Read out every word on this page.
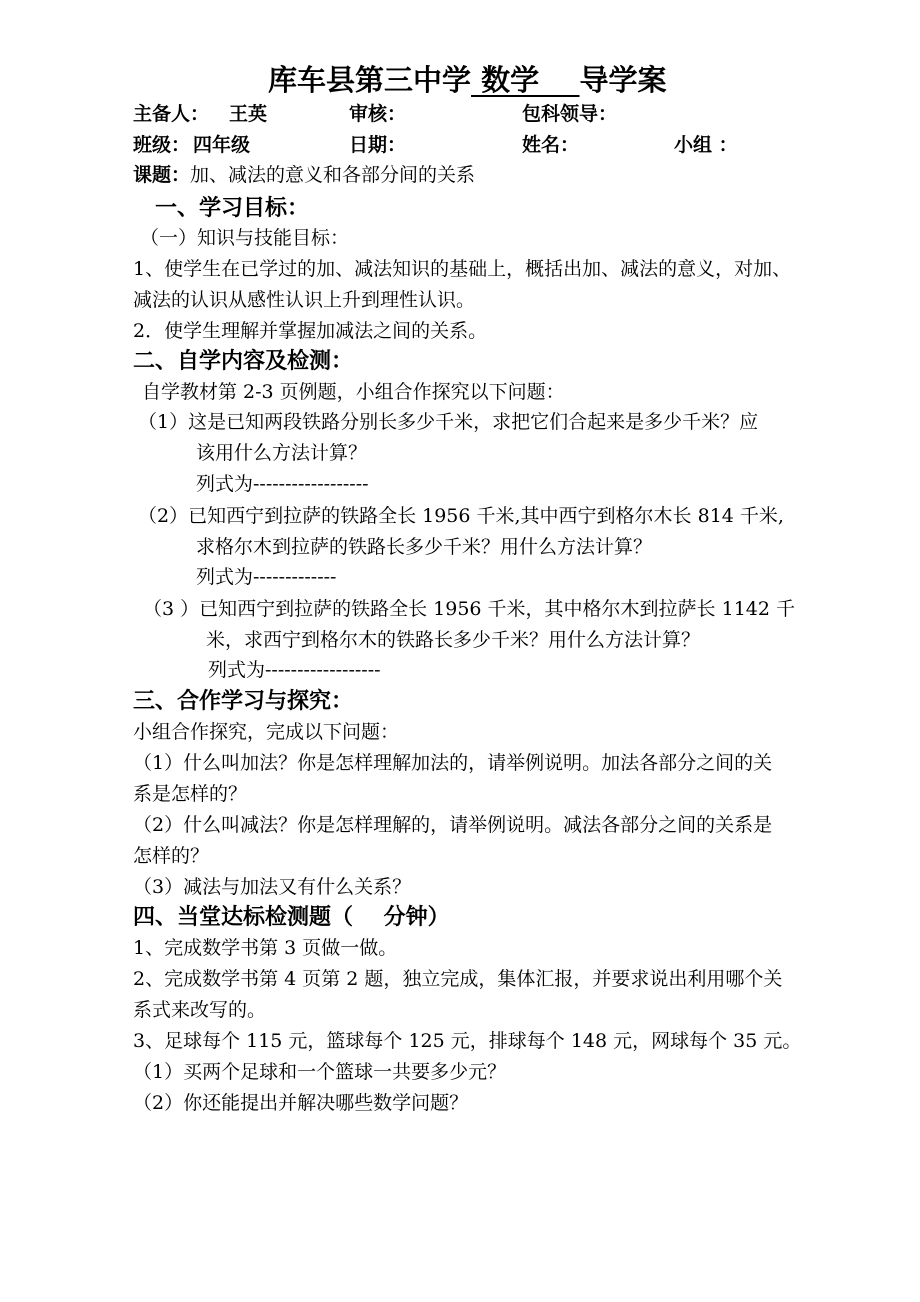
库车县第三中学 数学    导学案
主备人： 王英	审核：	包科领导：
班级： 四年级	日期：	姓名：	小组 ：
课题：加、减法的意义和各部分间的关系
一、学习目标：
（一）知识与技能目标：
1、使学生在已学过的加、减法知识的基础上，概括出加、减法的意义，对加、
减法的认识从感性认识上升到理性认识。
2．使学生理解并掌握加减法之间的关系。
二、自学内容及检测：
自学教材第 2-3 页例题，小组合作探究以下问题：
（1）这是已知两段铁路分别长多少千米，求把它们合起来是多少千米？应
该用什么方法计算？
列式为------------------
（2）已知西宁到拉萨的铁路全长 1956 千米,其中西宁到格尔木长 814 千米,
求格尔木到拉萨的铁路长多少千米？用什么方法计算？
列式为-------------
（3 ）已知西宁到拉萨的铁路全长 1956 千米，其中格尔木到拉萨长 1142 千
米，求西宁到格尔木的铁路长多少千米？用什么方法计算？
列式为------------------
三、合作学习与探究：
小组合作探究，完成以下问题：
（1）什么叫加法？你是怎样理解加法的，请举例说明。加法各部分之间的关
系是怎样的？
（2）什么叫减法？你是怎样理解的，请举例说明。减法各部分之间的关系是
怎样的？
（3）减法与加法又有什么关系？
四、当堂达标检测题（    分钟）
1、完成数学书第 3 页做一做。
2、完成数学书第 4 页第 2 题，独立完成，集体汇报，并要求说出利用哪个关
系式来改写的。
3、足球每个 115 元，篮球每个 125 元，排球每个 148 元，网球每个 35 元。
（1）买两个足球和一个篮球一共要多少元？
（2）你还能提出并解决哪些数学问题？
